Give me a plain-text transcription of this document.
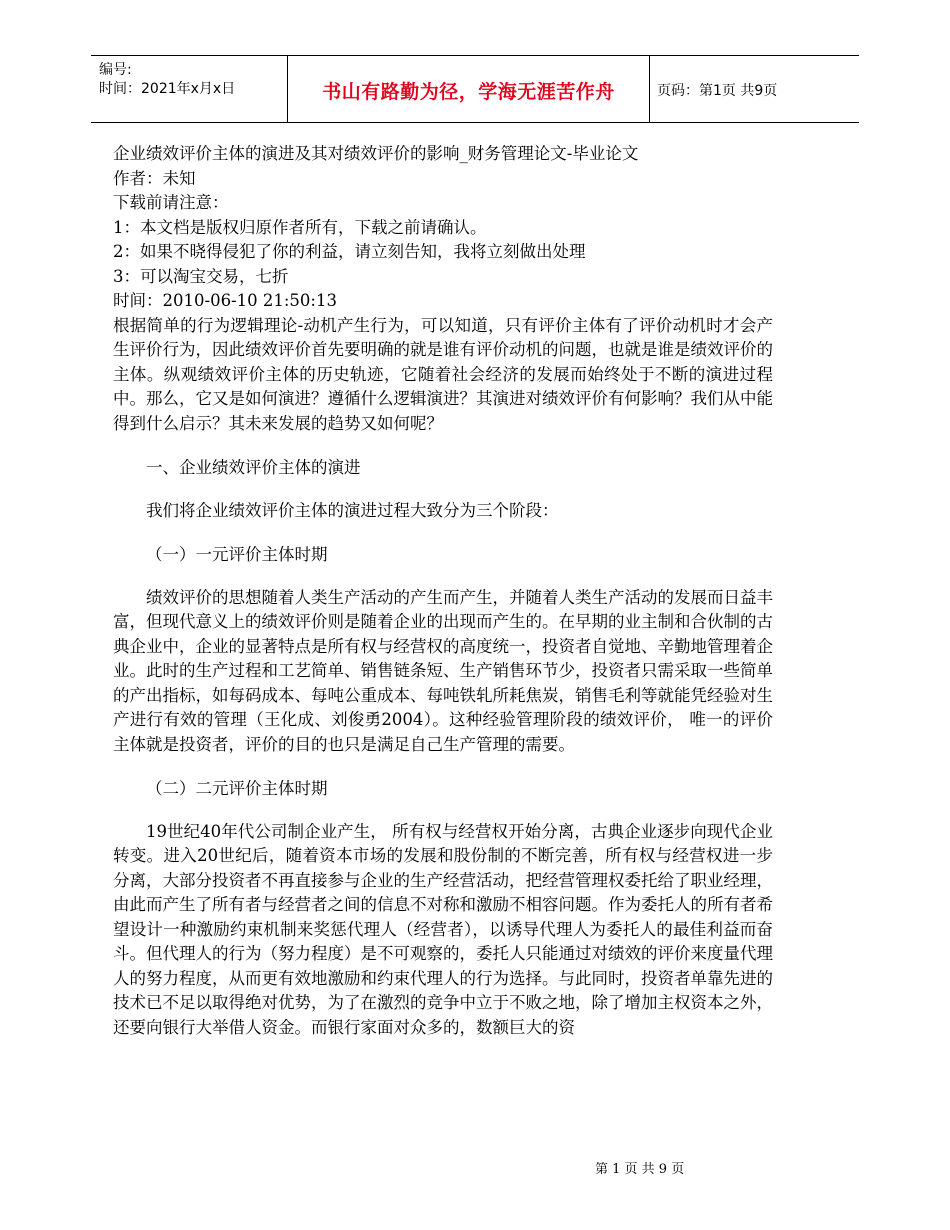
编号:
时间：2021年x月x日	书山有路勤为径，学海无涯苦作舟	页码：第1页 共9页

企业绩效评价主体的演进及其对绩效评价的影响_财务管理论文-毕业论文

作者：未知

下载前请注意：

1：本文档是版权归原作者所有，下载之前请确认。

2：如果不晓得侵犯了你的利益，请立刻告知，我将立刻做出处理

3：可以淘宝交易，七折

时间：2010-06-10 21:50:13

根据简单的行为逻辑理论-动机产生行为，可以知道，只有评价主体有了评价动机时才会产生评价行为，因此绩效评价首先要明确的就是谁有评价动机的问题，也就是谁是绩效评价的主体。纵观绩效评价主体的历史轨迹，它随着社会经济的发展而始终处于不断的演进过程中。那么，它又是如何演进？遵循什么逻辑演进？其演进对绩效评价有何影响？我们从中能得到什么启示？其未来发展的趋势又如何呢？

一、企业绩效评价主体的演进

我们将企业绩效评价主体的演进过程大致分为三个阶段：

（一）一元评价主体时期

绩效评价的思想随着人类生产活动的产生而产生，并随着人类生产活动的发展而日益丰富，但现代意义上的绩效评价则是随着企业的出现而产生的。在早期的业主制和合伙制的古典企业中，企业的显著特点是所有权与经营权的高度统一，投资者自觉地、辛勤地管理着企业。此时的生产过程和工艺简单、销售链条短、生产销售环节少，投资者只需采取一些简单的产出指标，如每码成本、每吨公重成本、每吨铁轧所耗焦炭，销售毛利等就能凭经验对生产进行有效的管理（王化成、刘俊勇2004）。这种经验管理阶段的绩效评价， 唯一的评价主体就是投资者，评价的目的也只是满足自己生产管理的需要。

（二）二元评价主体时期

19世纪40年代公司制企业产生， 所有权与经营权开始分离，古典企业逐步向现代企业转变。进入20世纪后，随着资本市场的发展和股份制的不断完善，所有权与经营权进一步分离，大部分投资者不再直接参与企业的生产经营活动，把经营管理权委托给了职业经理，由此而产生了所有者与经营者之间的信息不对称和激励不相容问题。作为委托人的所有者希望设计一种激励约束机制来奖惩代理人（经营者），以诱导代理人为委托人的最佳利益而奋斗。但代理人的行为（努力程度）是不可观察的，委托人只能通过对绩效的评价来度量代理人的努力程度，从而更有效地激励和约束代理人的行为选择。与此同时，投资者单靠先进的技术已不足以取得绝对优势，为了在激烈的竞争中立于不败之地，除了增加主权资本之外，还要向银行大举借人资金。而银行家面对众多的，数额巨大的资

第 1 页 共 9 页
